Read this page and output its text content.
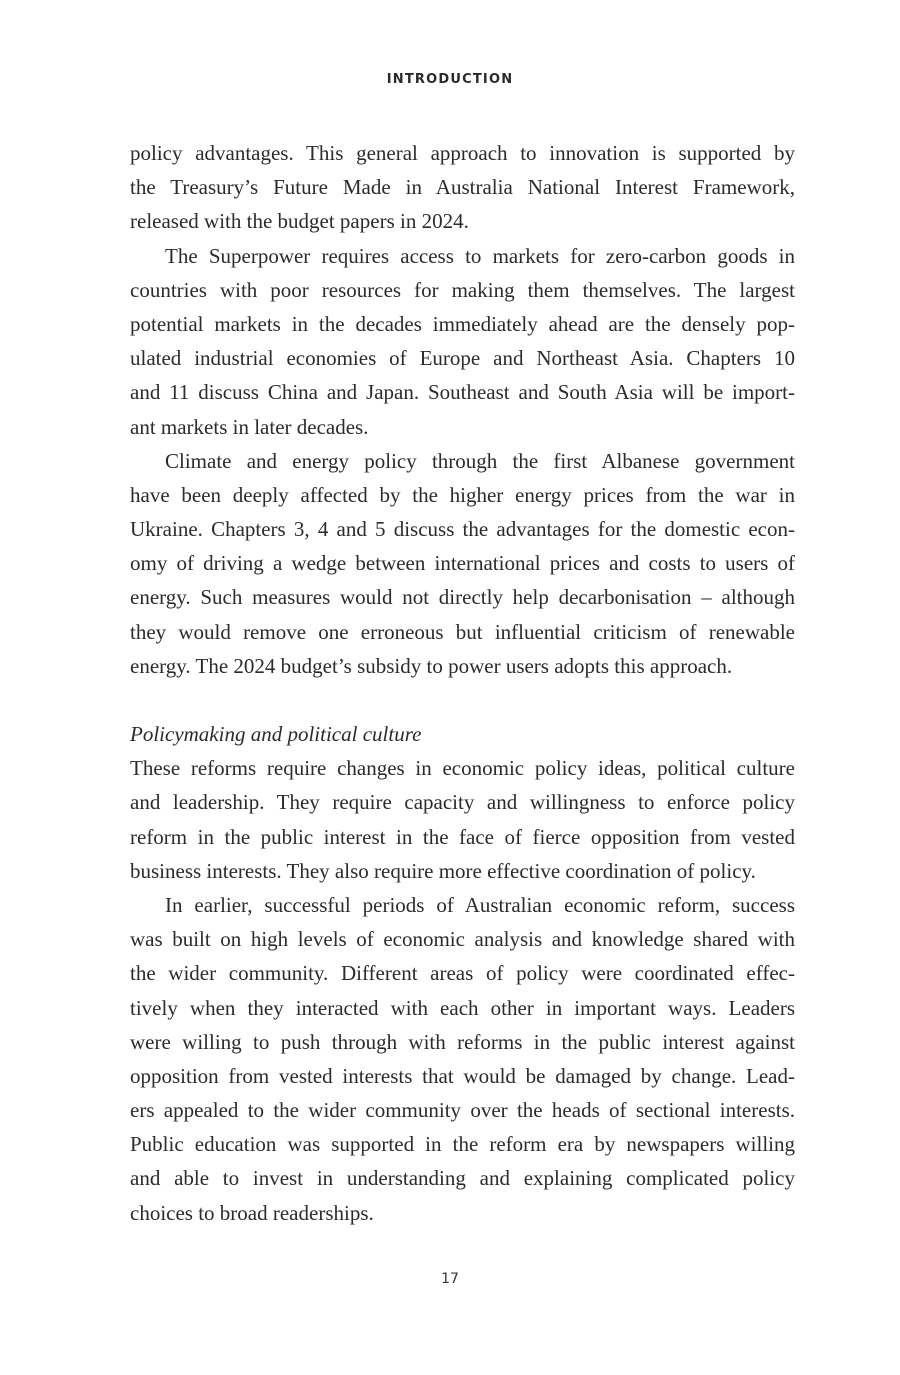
INTRODUCTION
policy advantages. This general approach to innovation is supported by
the Treasury’s Future Made in Australia National Interest Framework,
released with the budget papers in 2024.
The Superpower requires access to markets for zero-carbon goods in
countries with poor resources for making them themselves. The largest
potential markets in the decades immediately ahead are the densely pop-
ulated industrial economies of Europe and Northeast Asia. Chapters 10
and 11 discuss China and Japan. Southeast and South Asia will be import-
ant markets in later decades.
Climate and energy policy through the first Albanese government
have been deeply affected by the higher energy prices from the war in
Ukraine. Chapters 3, 4 and 5 discuss the advantages for the domestic econ-
omy of driving a wedge between international prices and costs to users of
energy. Such measures would not directly help decarbonisation – although
they would remove one erroneous but influential criticism of renewable
energy. The 2024 budget’s subsidy to power users adopts this approach.
Policymaking and political culture
These reforms require changes in economic policy ideas, political culture
and leadership. They require capacity and willingness to enforce policy
reform in the public interest in the face of fierce opposition from vested
business interests. They also require more effective coordination of policy.
In earlier, successful periods of Australian economic reform, success
was built on high levels of economic analysis and knowledge shared with
the wider community. Different areas of policy were coordinated effec-
tively when they interacted with each other in important ways. Leaders
were willing to push through with reforms in the public interest against
opposition from vested interests that would be damaged by change. Lead-
ers appealed to the wider community over the heads of sectional interests.
Public education was supported in the reform era by newspapers willing
and able to invest in understanding and explaining complicated policy
choices to broad readerships.
17
